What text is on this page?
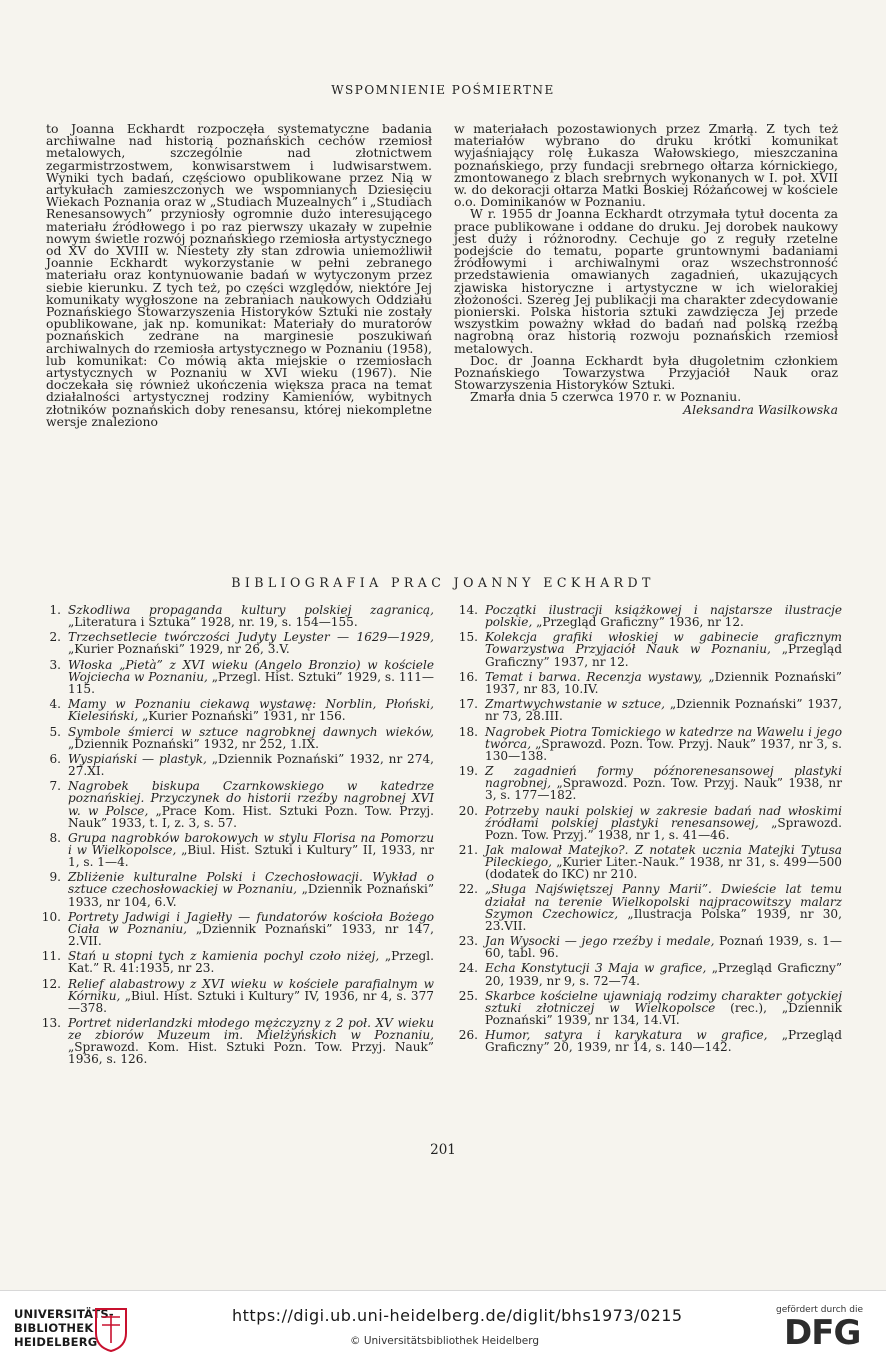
WSPOMNIENIE POŚMIERTNE

to Joanna Eckhardt rozpoczęła systematyczne badania archiwalne nad historią poznańskich cechów rzemiosł metalowych, szczególnie nad złotnictwem zegarmistrzostwem, konwisarstwem i ludwisarstwem. Wyniki tych badań, częściowo opublikowane przez Nią w artykułach zamieszczonych we wspomnianych Dziesięciu Wiekach Poznania oraz w „Studiach Muzealnych” i „Studiach Renesansowych” przyniosły ogromnie dużo interesującego materiału źródłowego i po raz pierwszy ukazały w zupełnie nowym świetle rozwój poznańskiego rzemiosła artystycznego od XV do XVIII w. Niestety zły stan zdrowia uniemożliwił Joannie Eckhardt wykorzystanie w pełni zebranego materiału oraz kontynuowanie badań w wytyczonym przez siebie kierunku. Z tych też, po części względów, niektóre Jej komunikaty wygłoszone na zebraniach naukowych Oddziału Poznańskiego Stowarzyszenia Historyków Sztuki nie zostały opublikowane, jak np. komunikat: Materiały do muratorów poznańskich zedrane na marginesie poszukiwań archiwalnych do rzemiosła artystycznego w Poznaniu (1958), lub komunikat: Co mówią akta miejskie o rzemiosłach artystycznych w Poznaniu w XVI wieku (1967). Nie doczekała się również ukończenia większa praca na temat działalności artystycznej rodziny Kamieniów, wybitnych złotników poznańskich doby renesansu, której niekompletne wersje znaleziono

w materiałach pozostawionych przez Zmarłą. Z tych też materiałów wybrano do druku krótki komunikat wyjaśniający rolę Łukasza Wałowskiego, mieszczanina poznańskiego, przy fundacji srebrnego ołtarza kórnickiego, zmontowanego z blach srebrnych wykonanych w I. poł. XVII w. do dekoracji ołtarza Matki Boskiej Różańcowej w kościele o.o. Dominikanów w Poznaniu.

W r. 1955 dr Joanna Eckhardt otrzymała tytuł docenta za prace publikowane i oddane do druku. Jej dorobek naukowy jest duży i różnorodny. Cechuje go z reguły rzetelne podejście do tematu, poparte gruntownymi badaniami źródłowymi i archiwalnymi oraz wszechstronność przedstawienia omawianych zagadnień, ukazujących zjawiska historyczne i artystyczne w ich wielorakiej złożoności. Szereg Jej publikacji ma charakter zdecydowanie pionierski. Polska historia sztuki zawdzięcza Jej przede wszystkim poważny wkład do badań nad polską rzeźbą nagrobną oraz historią rozwoju poznańskich rzemiosł metalowych.

Doc. dr Joanna Eckhardt była długoletnim członkiem Poznańskiego Towarzystwa Przyjaciół Nauk oraz Stowarzyszenia Historyków Sztuki.

Zmarła dnia 5 czerwca 1970 r. w Poznaniu.

Aleksandra Wasilkowska

BIBLIOGRAFIA PRAC JOANNY ECKHARDT
1. Szkodliwa propaganda kultury polskiej zagranicą, „Literatura i Sztuka” 1928, nr. 19, s. 154—155.
2. Trzechsetlecie twórczości Judyty Leyster — 1629—1929, „Kurier Poznański” 1929, nr 26, 3.V.
3. Włoska „Pietà” z XVI wieku (Angelo Bronzio) w kościele Wojciecha w Poznaniu, „Przegl. Hist. Sztuki” 1929, s. 111—115.
4. Mamy w Poznaniu ciekawą wystawę: Norblin, Płoński, Kielesiński, „Kurier Poznański” 1931, nr 156.
5. Symbole śmierci w sztuce nagrobknej dawnych wieków, „Dziennik Poznański” 1932, nr 252, 1.IX.
6. Wyspiański — plastyk, „Dziennik Poznański” 1932, nr 274, 27.XI.
7. Nagrobek biskupa Czarnkowskiego w katedrze poznańskiej. Przyczynek do historii rzeźby nagrobnej XVI w. w Polsce, „Prace Kom. Hist. Sztuki Pozn. Tow. Przyj. Nauk” 1933, t. I, z. 3, s. 57.
8. Grupa nagrobków barokowych w stylu Florisa na Pomorzu i w Wielkopolsce, „Biul. Hist. Sztuki i Kultury” II, 1933, nr 1, s. 1—4.
9. Zbliżenie kulturalne Polski i Czechosłowacji. Wykład o sztuce czechosłowackiej w Poznaniu, „Dziennik Poznański” 1933, nr 104, 6.V.
10. Portrety Jadwigi i Jagiełły — fundatorów kościoła Bożego Ciała w Poznaniu, „Dziennik Poznański” 1933, nr 147, 2.VII.
11. Stań u stopni tych z kamienia pochyl czoło niżej, „Przegl. Kat.” R. 41:1935, nr 23.
12. Relief alabastrowy z XVI wieku w kościele parafialnym w Kórniku, „Biul. Hist. Sztuki i Kultury” IV, 1936, nr 4, s. 377—378.
13. Portret niderlandzki młodego mężczyzny z 2 poł. XV wieku ze zbiorów Muzeum im. Mielżyńskich w Poznaniu, „Sprawozd. Kom. Hist. Sztuki Pozn. Tow. Przyj. Nauk” 1936, s. 126.
14. Początki ilustracji książkowej i najstarsze ilustracje polskie, „Przegląd Graficzny” 1936, nr 12.
15. Kolekcja grafiki włoskiej w gabinecie graficznym Towarzystwa Przyjaciół Nauk w Poznaniu, „Przegląd Graficzny” 1937, nr 12.
16. Temat i barwa. Recenzja wystawy, „Dziennik Poznański” 1937, nr 83, 10.IV.
17. Zmartwychwstanie w sztuce, „Dziennik Poznański” 1937, nr 73, 28.III.
18. Nagrobek Piotra Tomickiego w katedrze na Wawelu i jego twórca, „Sprawozd. Pozn. Tow. Przyj. Nauk” 1937, nr 3, s. 130—138.
19. Z zagadnień formy późnorenesansowej plastyki nagrobnej, „Sprawozd. Pozn. Tow. Przyj. Nauk” 1938, nr 3, s. 177—182.
20. Potrzeby nauki polskiej w zakresie badań nad włoskimi źródłami polskiej plastyki renesansowej, „Sprawozd. Pozn. Tow. Przyj.” 1938, nr 1, s. 41—46.
21. Jak malował Matejko?. Z notatek ucznia Matejki Tytusa Pileckiego, „Kurier Liter.-Nauk.” 1938, nr 31, s. 499—500 (dodatek do IKC) nr 210.
22. „Sługa Najświętszej Panny Marii”. Dwieście lat temu działał na terenie Wielkopolski najpracowitszy malarz Szymon Czechowicz, „Ilustracja Polska” 1939, nr 30, 23.VII.
23. Jan Wysocki — jego rzeźby i medale, Poznań 1939, s. 1—60, tabl. 96.
24. Echa Konstytucji 3 Maja w grafice, „Przegląd Graficzny” 20, 1939, nr 9, s. 72—74.
25. Skarbce kościelne ujawniają rodzimy charakter gotyckiej sztuki złotniczej w Wielkopolsce (rec.), „Dziennik Poznański” 1939, nr 134, 14.VI.
26. Humor, satyra i karykatura w grafice, „Przegląd Graficzny” 20, 1939, nr 14, s. 140—142.
201
UNIVERSITÄTS-
BIBLIOTHEK
HEIDELBERG
https://digi.ub.uni-heidelberg.de/diglit/bhs1973/0215
© Universitätsbibliothek Heidelberg
gefördert durch die
DFG
